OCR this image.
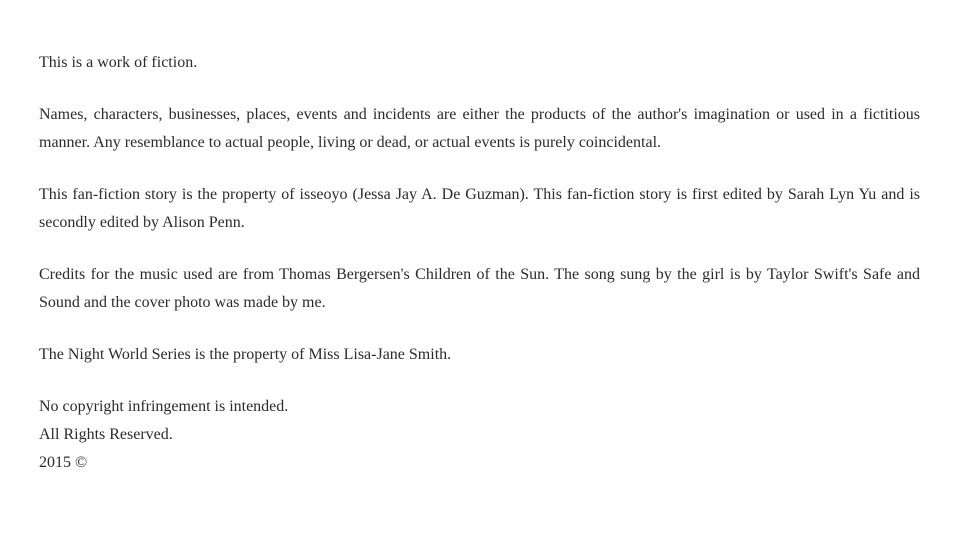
This is a work of fiction.

Names, characters, businesses, places, events and incidents are either the products of the author's imagination or used in a fictitious manner. Any resemblance to actual people, living or dead, or actual events is purely coincidental.

This fan-fiction story is the property of isseoyo (Jessa Jay A. De Guzman). This fan-fiction story is first edited by Sarah Lyn Yu and is secondly edited by Alison Penn.

Credits for the music used are from Thomas Bergersen's Children of the Sun. The song sung by the girl is by Taylor Swift's Safe and Sound and the cover photo was made by me.

The Night World Series is the property of Miss Lisa-Jane Smith.

No copyright infringement is intended.
All Rights Reserved.
2015 ©
